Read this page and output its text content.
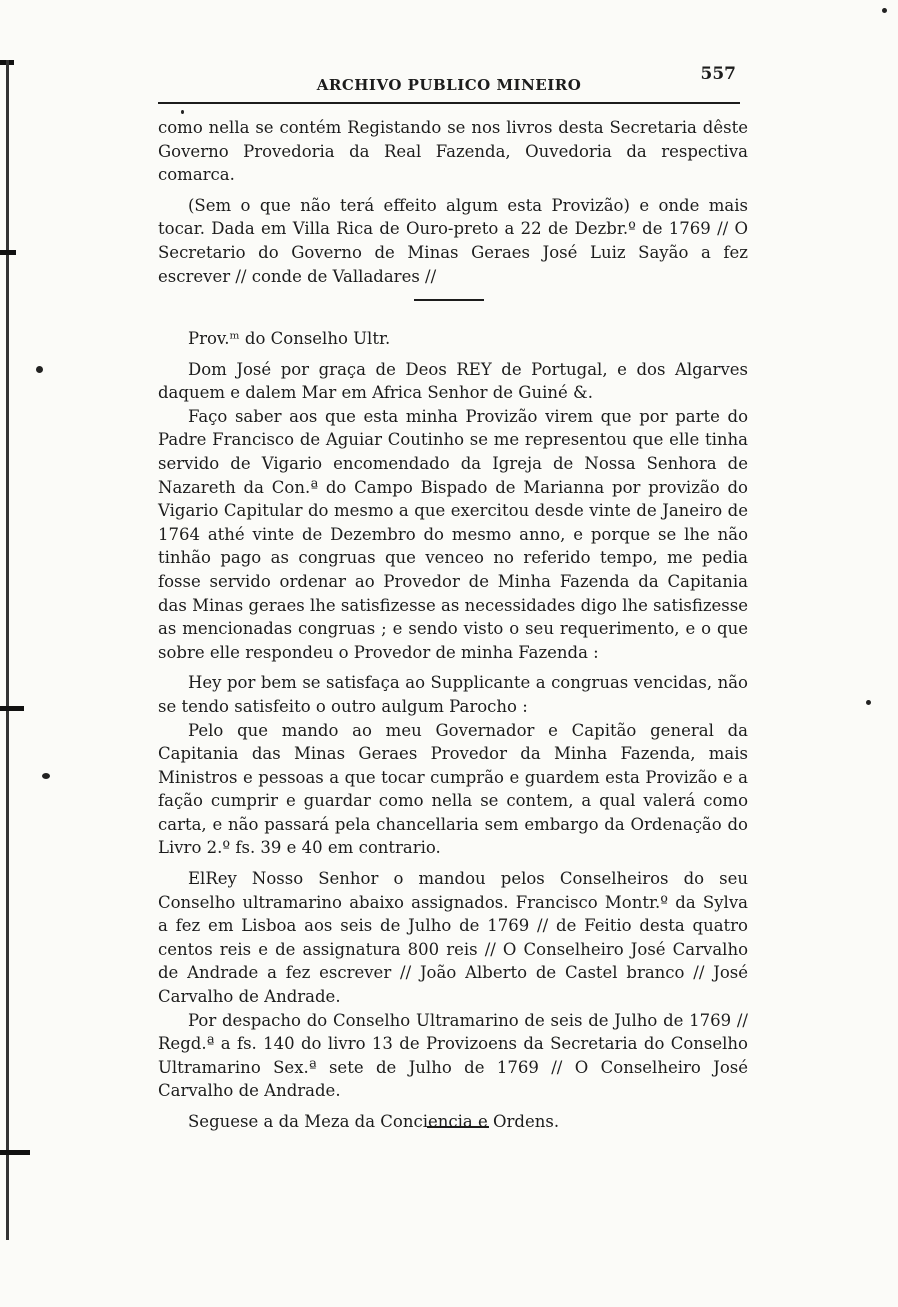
ARCHIVO PUBLICO MINEIRO
557

como nella se contém Registando se nos livros desta Secretaria dêste Governo Provedoria da Real Fazenda, Ouvedoria da respectiva comarca.

(Sem o que não terá effeito algum esta Provizão) e onde mais tocar. Dada em Villa Rica de Ouro-preto a 22 de Dezbr.º de 1769 // O Secretario do Governo de Minas Geraes José Luiz Sayão a fez escrever // conde de Valladares //

Prov.ᵐ do Conselho Ultr.

Dom José por graça de Deos REY de Portugal, e dos Algarves daquem e dalem Mar em Africa Senhor de Guiné &.

Faço saber aos que esta minha Provizão virem que por parte do Padre Francisco de Aguiar Coutinho se me representou que elle tinha servido de Vigario encomendado da Igreja de Nossa Senhora de Nazareth da Con.ª do Campo Bispado de Marianna por provizão do Vigario Capitular do mesmo a que exercitou desde vinte de Janeiro de 1764 athé vinte de Dezembro do mesmo anno, e porque se lhe não tinhão pago as congruas que venceo no referido tempo, me pedia fosse servido ordenar ao Provedor de Minha Fazenda da Capitania das Minas geraes lhe satisfizesse as necessidades digo lhe satisfizesse as mencionadas congruas ; e sendo visto o seu requerimento, e o que sobre elle respondeu o Provedor de minha Fazenda :

Hey por bem se satisfaça ao Supplicante a congruas vencidas, não se tendo satisfeito o outro aulgum Parocho :

Pelo que mando ao meu Governador e Capitão general da Capitania das Minas Geraes Provedor da Minha Fazenda, mais Ministros e pessoas a que tocar cumprão e guardem esta Provizão e a fação cumprir e guardar como nella se contem, a qual valerá como carta, e não passará pela chancellaria sem embargo da Ordenação do Livro 2.º fs. 39 e 40 em contrario.

ElRey Nosso Senhor o mandou pelos Conselheiros do seu Conselho ultramarino abaixo assignados. Francisco Montr.º da Sylva a fez em Lisboa aos seis de Julho de 1769 // de Feitio desta quatro centos reis e de assignatura 800 reis // O Conselheiro José Carvalho de Andrade a fez escrever // João Alberto de Castel branco // José Carvalho de Andrade.

Por despacho do Conselho Ultramarino de seis de Julho de 1769 // Regd.ª a fs. 140 do livro 13 de Provizoens da Secretaria do Conselho Ultramarino Sex.ª sete de Julho de 1769 // O Conselheiro José Carvalho de Andrade.

Seguese a da Meza da Conciencia e Ordens.
